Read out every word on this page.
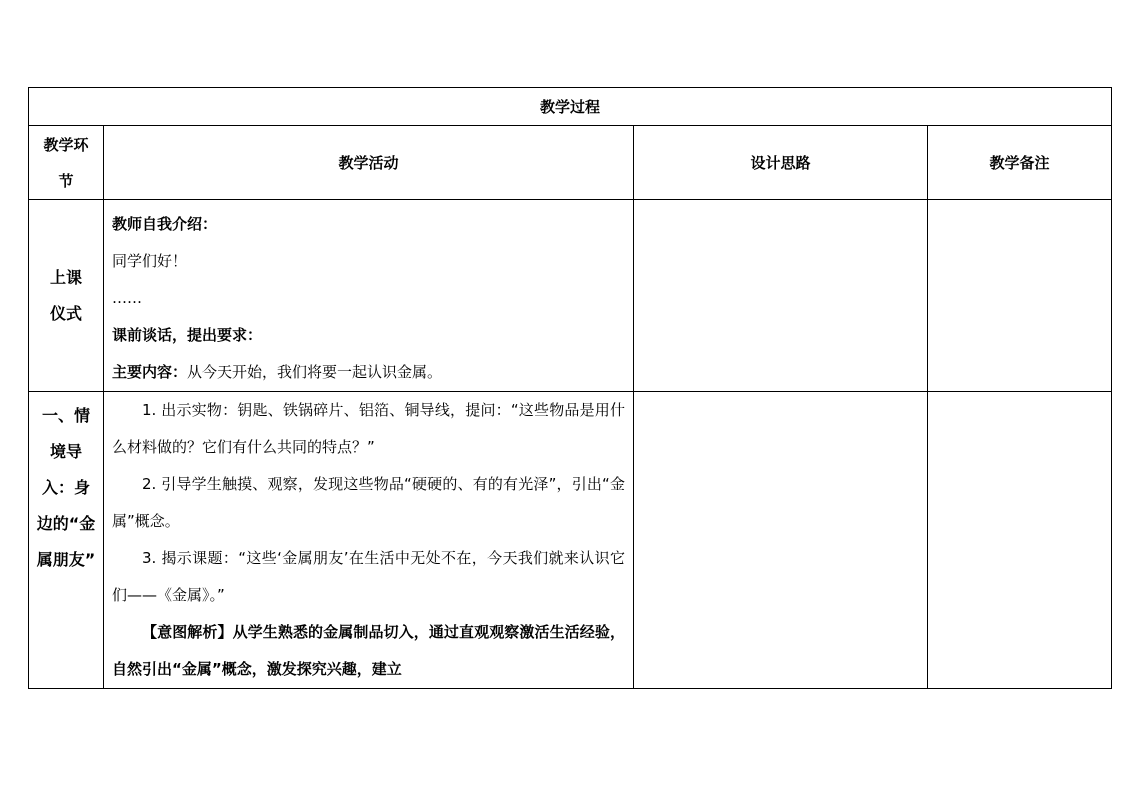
教学过程			

教学环节	教学活动	设计思路	教学备注

上课仪式	教师自我介绍：

同学们好！

……

课前谈话，提出要求：

主要内容：从今天开始，我们将要一起认识金属。		

一、情境导入：身边的“金属朋友”	1. 出示实物：钥匙、铁锅碎片、铝箔、铜导线，提问：“这些物品是用什么材料做的？它们有什么共同的特点？”

2. 引导学生触摸、观察，发现这些物品“硬硬的、有的有光泽”，引出“金属”概念。

3. 揭示课题：“这些‘金属朋友’在生活中无处不在，今天我们就来认识它们——《金属》。”

【意图解析】从学生熟悉的金属制品切入，通过直观观察激活生活经验，自然引出“金属”概念，激发探究兴趣，建立		
